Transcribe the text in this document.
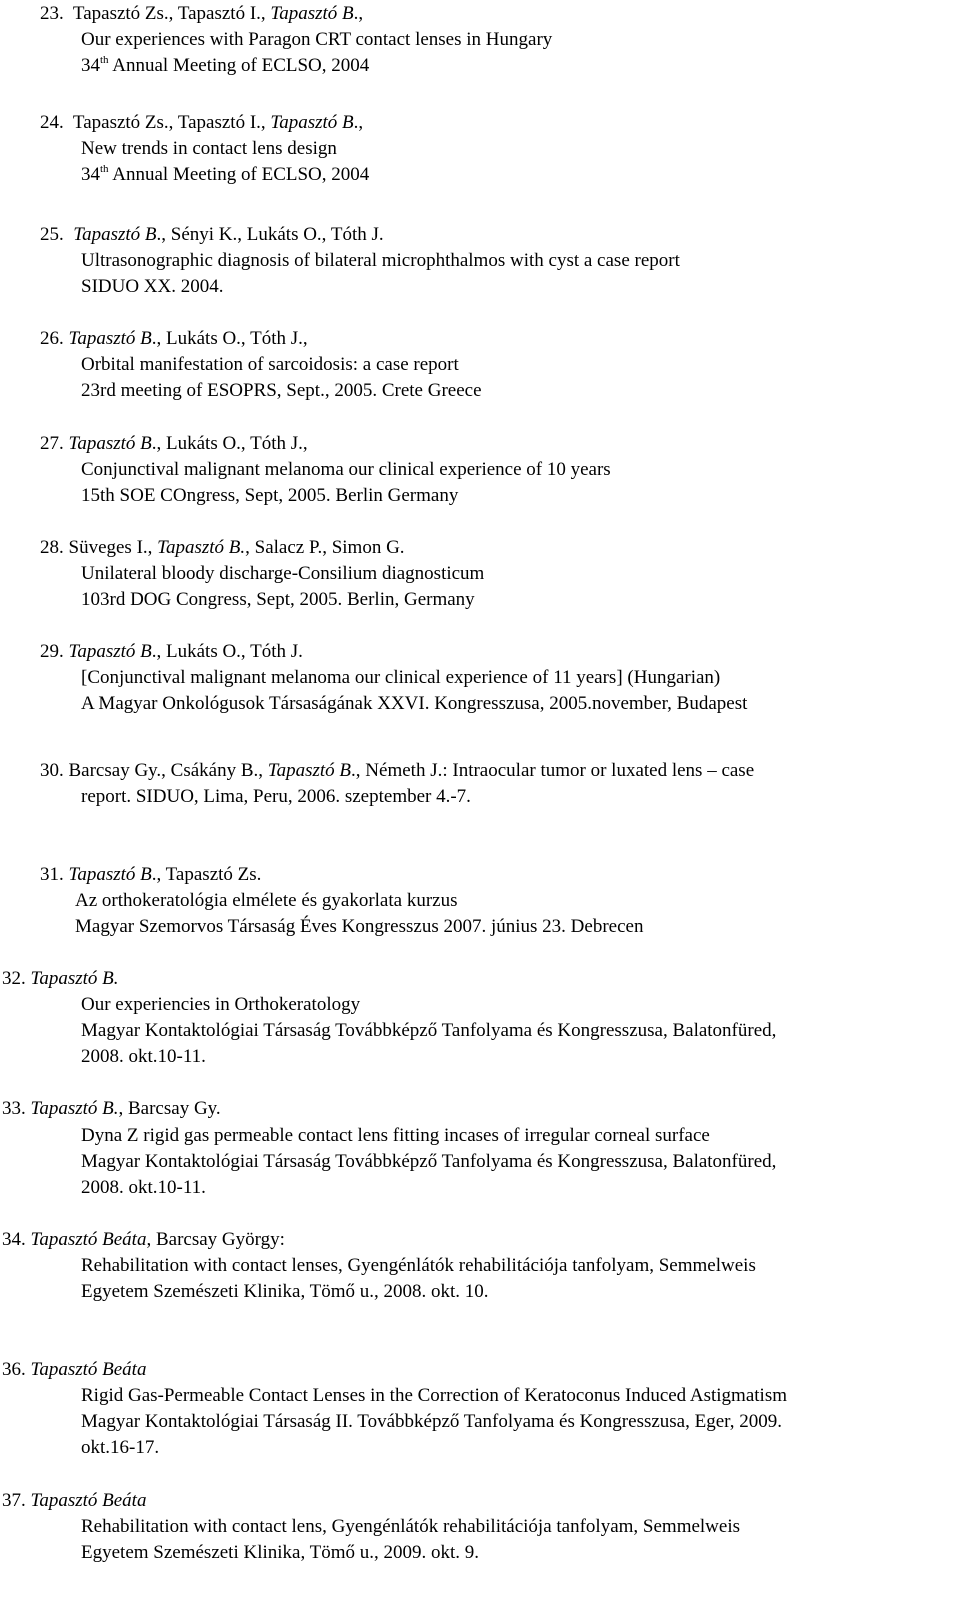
23. Tapasztó Zs., Tapasztó I., Tapasztó B.,
Our experiences with Paragon CRT contact lenses in Hungary
34th Annual Meeting of ECLSO, 2004
24. Tapasztó Zs., Tapasztó I., Tapasztó B.,
New trends in contact lens design
34th Annual Meeting of ECLSO, 2004
25. Tapasztó B., Sényi K., Lukáts O., Tóth J.
Ultrasonographic diagnosis of bilateral microphthalmos with cyst a case report
SIDUO XX. 2004.
26. Tapasztó B., Lukáts O., Tóth J.,
Orbital manifestation of sarcoidosis: a case report
23rd meeting of ESOPRS, Sept., 2005. Crete Greece
27. Tapasztó B., Lukáts O., Tóth J.,
Conjunctival malignant melanoma our clinical experience of 10 years
15th SOE COngress, Sept, 2005. Berlin Germany
28. Süveges I., Tapasztó B., Salacz P., Simon G.
Unilateral bloody discharge-Consilium diagnosticum
103rd DOG Congress, Sept, 2005. Berlin, Germany
29. Tapasztó B., Lukáts O., Tóth J.
[Conjunctival malignant melanoma our clinical experience of 11 years] (Hungarian)
A Magyar Onkológusok Társaságának XXVI. Kongresszusa, 2005.november, Budapest
30. Barcsay Gy., Csákány B., Tapasztó B., Németh J.: Intraocular tumor or luxated lens – case
report. SIDUO, Lima, Peru, 2006. szeptember 4.-7.
31. Tapasztó B., Tapasztó Zs.
Az orthokeratológia elmélete és gyakorlata kurzus
Magyar Szemorvos Társaság Éves Kongresszus 2007. június 23. Debrecen
32. Tapasztó B.
Our experiencies in Orthokeratology
Magyar Kontaktológiai Társaság Továbbképző Tanfolyama és Kongresszusa, Balatonfüred,
2008. okt.10-11.
33. Tapasztó B., Barcsay Gy.
Dyna Z rigid gas permeable contact lens fitting incases of irregular corneal surface
Magyar Kontaktológiai Társaság Továbbképző Tanfolyama és Kongresszusa, Balatonfüred,
2008. okt.10-11.
34. Tapasztó Beáta, Barcsay György:
Rehabilitation with contact lenses, Gyengénlátók rehabilitációja tanfolyam, Semmelweis
Egyetem Szemészeti Klinika, Tömő u., 2008. okt. 10.
36. Tapasztó Beáta
Rigid Gas-Permeable Contact Lenses in the Correction of Keratoconus Induced Astigmatism
Magyar Kontaktológiai Társaság II. Továbbképző Tanfolyama és Kongresszusa, Eger, 2009.
okt.16-17.
37. Tapasztó Beáta
Rehabilitation with contact lens, Gyengénlátók rehabilitációja tanfolyam, Semmelweis
Egyetem Szemészeti Klinika, Tömő u., 2009. okt. 9.
